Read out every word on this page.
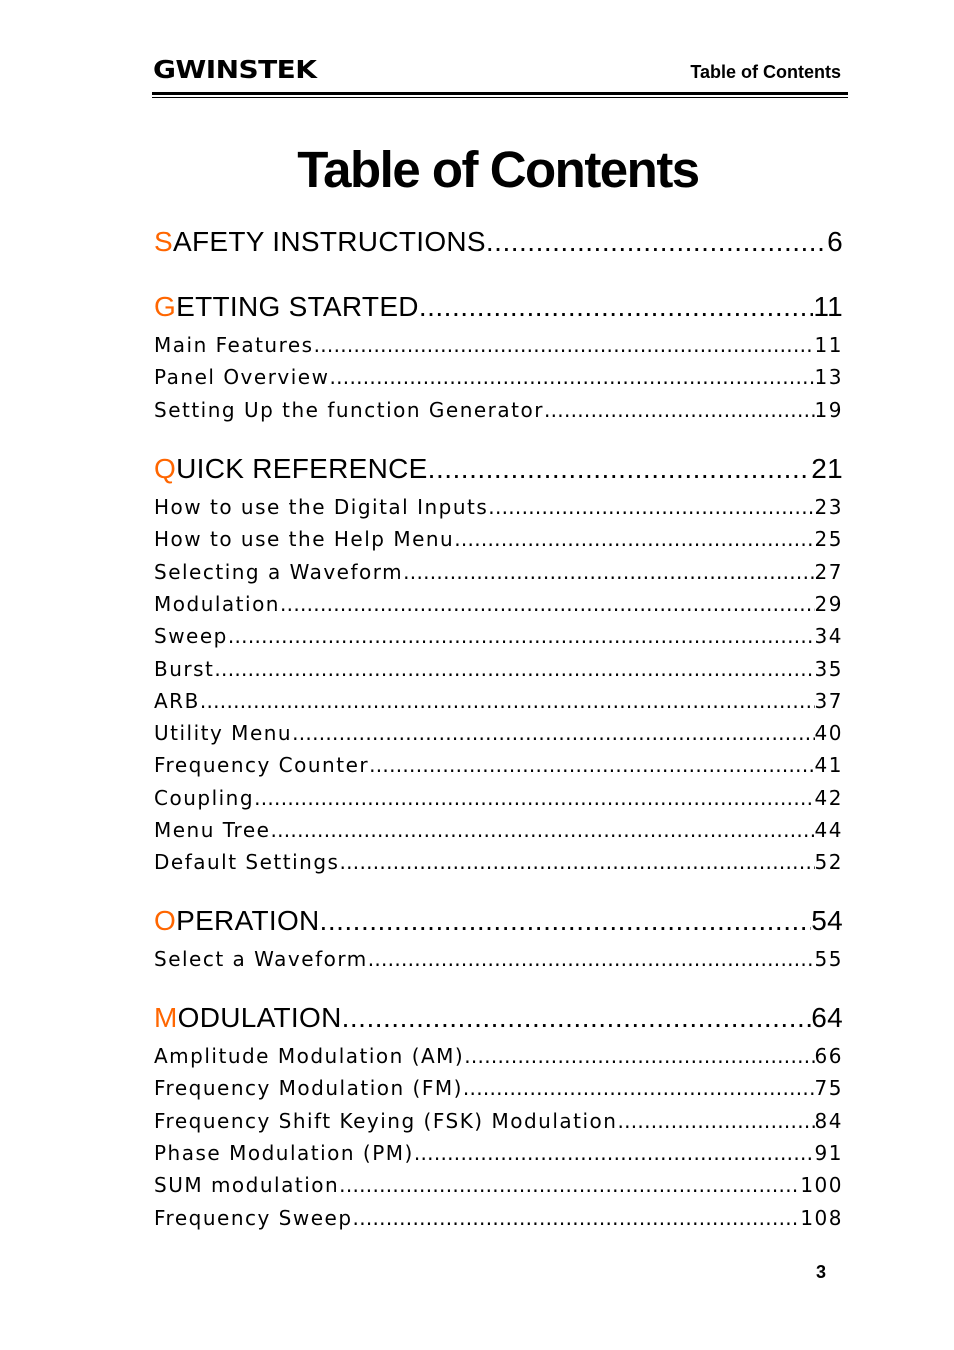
GWINSTEK	Table of Contents
Table of Contents
SAFETY INSTRUCTIONS .....	6
GETTING STARTED .....	11
Main Features .....	11
Panel Overview .....	13
Setting Up the function Generator .....	19
QUICK REFERENCE .....	21
How to use the Digital Inputs .....	23
How to use the Help Menu .....	25
Selecting a Waveform .....	27
Modulation .....	29
Sweep .....	34
Burst .....	35
ARB .....	37
Utility Menu .....	40
Frequency Counter .....	41
Coupling .....	42
Menu Tree .....	44
Default Settings .....	52
OPERATION .....	54
Select a Waveform .....	55
MODULATION .....	64
Amplitude Modulation (AM) .....	66
Frequency Modulation (FM) .....	75
Frequency Shift Keying (FSK) Modulation .....	84
Phase Modulation (PM) .....	91
SUM modulation .....	100
Frequency Sweep .....	108
3
